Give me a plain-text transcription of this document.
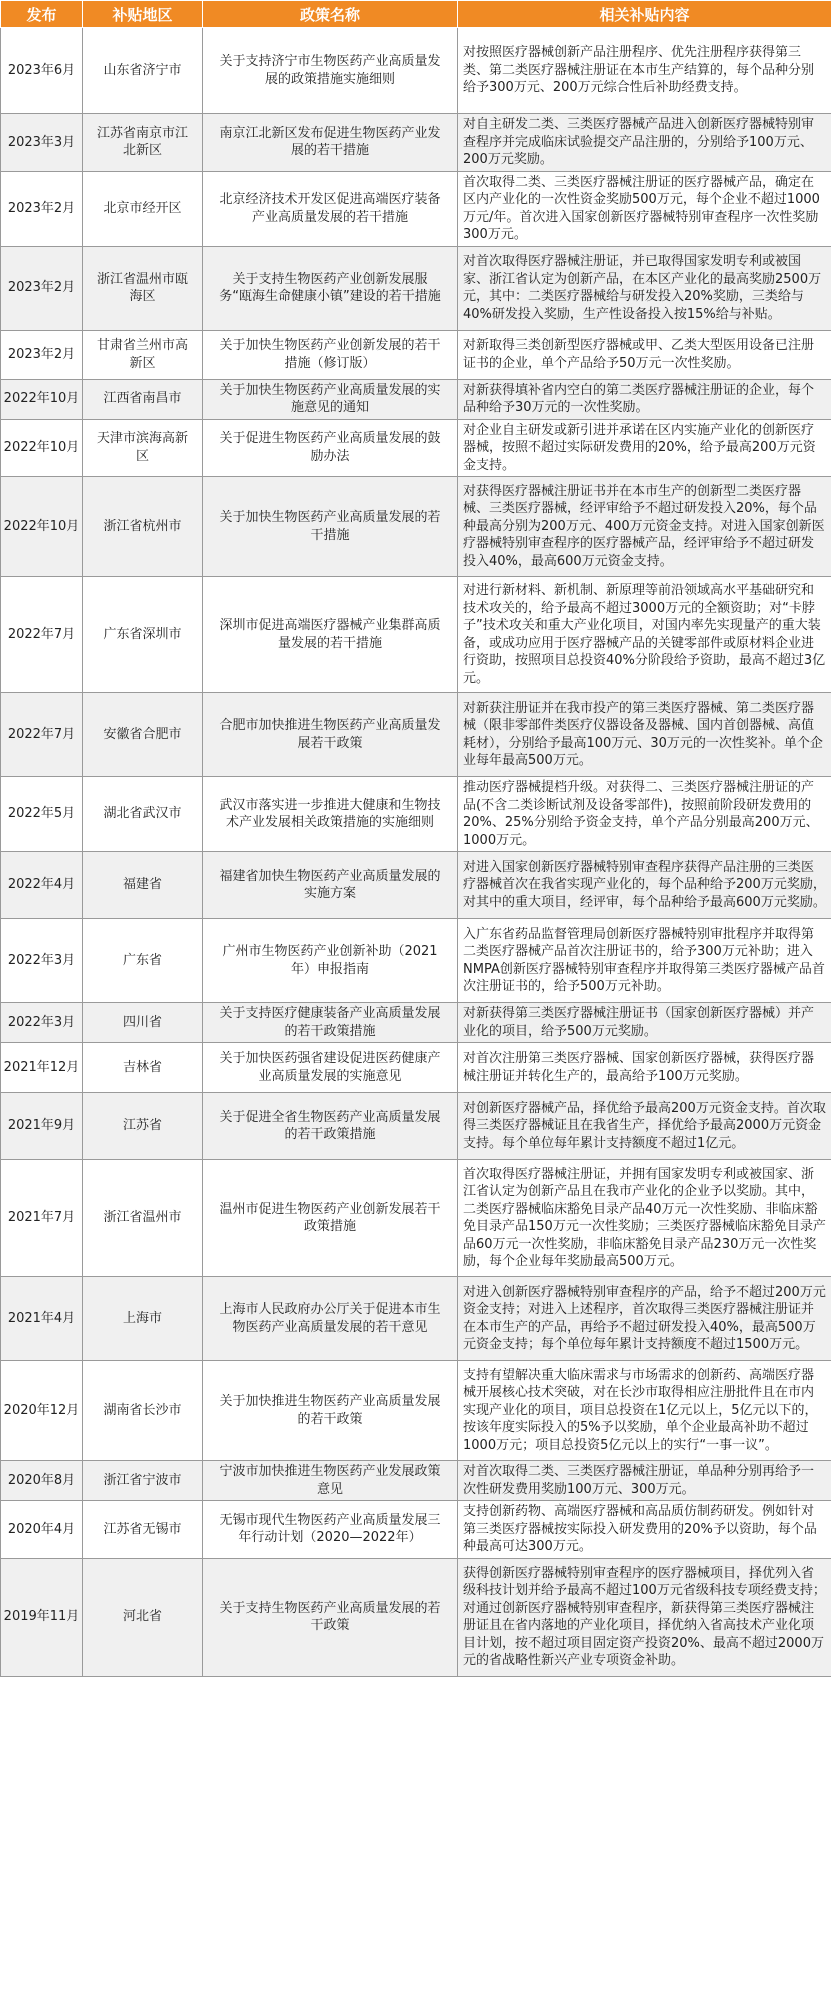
发布	补贴地区	政策名称	相关补贴内容
2023年6月	山东省济宁市	关于支持济宁市生物医药产业高质量发展的政策措施实施细则	对按照医疗器械创新产品注册程序、优先注册程序获得第三类、第二类医疗器械注册证在本市生产结算的，每个品种分别给予300万元、200万元综合性后补助经费支持。
2023年3月	江苏省南京市江北新区	南京江北新区发布促进生物医药产业发展的若干措施	对自主研发二类、三类医疗器械产品进入创新医疗器械特别审查程序并完成临床试验提交产品注册的，分别给予100万元、200万元奖励。
2023年2月	北京市经开区	北京经济技术开发区促进高端医疗装备产业高质量发展的若干措施	首次取得二类、三类医疗器械注册证的医疗器械产品，确定在区内产业化的一次性资金奖励500万元，每个企业不超过1000万元/年。首次进入国家创新医疗器械特别审查程序一次性奖励300万元。
2023年2月	浙江省温州市瓯海区	关于支持生物医药产业创新发展服务“瓯海生命健康小镇”建设的若干措施	对首次取得医疗器械注册证，并已取得国家发明专利或被国家、浙江省认定为创新产品，在本区产业化的最高奖励2500万元，其中：二类医疗器械给与研发投入20%奖励，三类给与40%研发投入奖励，生产性设备投入按15%给与补贴。
2023年2月	甘肃省兰州市高新区	关于加快生物医药产业创新发展的若干措施（修订版）	对新取得三类创新型医疗器械或甲、乙类大型医用设备已注册证书的企业，单个产品给予50万元一次性奖励。
2022年10月	江西省南昌市	关于加快生物医药产业高质量发展的实施意见的通知	对新获得填补省内空白的第二类医疗器械注册证的企业，每个品种给予30万元的一次性奖励。
2022年10月	天津市滨海高新区	关于促进生物医药产业高质量发展的鼓励办法	对企业自主研发或新引进并承诺在区内实施产业化的创新医疗器械，按照不超过实际研发费用的20%，给予最高200万元资金支持。
2022年10月	浙江省杭州市	关于加快生物医药产业高质量发展的若干措施	对获得医疗器械注册证书并在本市生产的创新型二类医疗器械、三类医疗器械，经评审给予不超过研发投入20%，每个品种最高分别为200万元、400万元资金支持。对进入国家创新医疗器械特别审查程序的医疗器械产品，经评审给予不超过研发投入40%，最高600万元资金支持。
2022年7月	广东省深圳市	深圳市促进高端医疗器械产业集群高质量发展的若干措施	对进行新材料、新机制、新原理等前沿领域高水平基础研究和技术攻关的，给予最高不超过3000万元的全额资助；对“卡脖子”技术攻关和重大产业化项目，对国内率先实现量产的重大装备，或成功应用于医疗器械产品的关键零部件或原材料企业进行资助，按照项目总投资40%分阶段给予资助，最高不超过3亿元。
2022年7月	安徽省合肥市	合肥市加快推进生物医药产业高质量发展若干政策	对新获注册证并在我市投产的第三类医疗器械、第二类医疗器械（限非零部件类医疗仪器设备及器械、国内首创器械、高值耗材），分别给予最高100万元、30万元的一次性奖补。单个企业每年最高500万元。
2022年5月	湖北省武汉市	武汉市落实进一步推进大健康和生物技术产业发展相关政策措施的实施细则	推动医疗器械提档升级。对获得二、三类医疗器械注册证的产品(不含二类诊断试剂及设备零部件)，按照前阶段研发费用的20%、25%分别给予资金支持，单个产品分别最高200万元、1000万元。
2022年4月	福建省	福建省加快生物医药产业高质量发展的实施方案	对进入国家创新医疗器械特别审查程序获得产品注册的三类医疗器械首次在我省实现产业化的，每个品种给予200万元奖励，对其中的重大项目，经评审，每个品种给予最高600万元奖励。
2022年3月	广东省	广州市生物医药产业创新补助（2021年）申报指南	入广东省药品监督管理局创新医疗器械特别审批程序并取得第二类医疗器械产品首次注册证书的，给予300万元补助；进入NMPA创新医疗器械特别审查程序并取得第三类医疗器械产品首次注册证书的，给予500万元补助。
2022年3月	四川省	关于支持医疗健康装备产业高质量发展的若干政策措施	对新获得第三类医疗器械注册证书（国家创新医疗器械）并产业化的项目，给予500万元奖励。
2021年12月	吉林省	关于加快医药强省建设促进医药健康产业高质量发展的实施意见	对首次注册第三类医疗器械、国家创新医疗器械，获得医疗器械注册证并转化生产的，最高给予100万元奖励。
2021年9月	江苏省	关于促进全省生物医药产业高质量发展的若干政策措施	对创新医疗器械产品，择优给予最高200万元资金支持。首次取得三类医疗器械证且在我省生产，择优给予最高2000万元资金支持。每个单位每年累计支持额度不超过1亿元。
2021年7月	浙江省温州市	温州市促进生物医药产业创新发展若干政策措施	首次取得医疗器械注册证，并拥有国家发明专利或被国家、浙江省认定为创新产品且在我市产业化的企业予以奖励。其中，二类医疗器械临床豁免目录产品40万元一次性奖励、非临床豁免目录产品150万元一次性奖励；三类医疗器械临床豁免目录产品60万元一次性奖励，非临床豁免目录产品230万元一次性奖励，每个企业每年奖励最高500万元。
2021年4月	上海市	上海市人民政府办公厅关于促进本市生物医药产业高质量发展的若干意见	对进入创新医疗器械特别审查程序的产品，给予不超过200万元资金支持；对进入上述程序，首次取得三类医疗器械注册证并在本市生产的产品，再给予不超过研发投入40%，最高500万元资金支持；每个单位每年累计支持额度不超过1500万元。
2020年12月	湖南省长沙市	关于加快推进生物医药产业高质量发展的若干政策	支持有望解决重大临床需求与市场需求的创新药、高端医疗器械开展核心技术突破，对在长沙市取得相应注册批件且在市内实现产业化的项目，项目总投资在1亿元以上，5亿元以下的，按该年度实际投入的5%予以奖励，单个企业最高补助不超过1000万元；项目总投资5亿元以上的实行“一事一议”。
2020年8月	浙江省宁波市	宁波市加快推进生物医药产业发展政策意见	对首次取得二类、三类医疗器械注册证，单品种分别再给予一次性研发费用奖励100万元、300万元。
2020年4月	江苏省无锡市	无锡市现代生物医药产业高质量发展三年行动计划（2020—2022年）	支持创新药物、高端医疗器械和高品质仿制药研发。例如针对第三类医疗器械按实际投入研发费用的20%予以资助，每个品种最高可达300万元。
2019年11月	河北省	关于支持生物医药产业高质量发展的若干政策	获得创新医疗器械特别审查程序的医疗器械项目，择优列入省级科技计划并给予最高不超过100万元省级科技专项经费支持；对通过创新医疗器械特别审查程序，新获得第三类医疗器械注册证且在省内落地的产业化项目，择优纳入省高技术产业化项目计划，按不超过项目固定资产投资20%、最高不超过2000万元的省战略性新兴产业专项资金补助。
